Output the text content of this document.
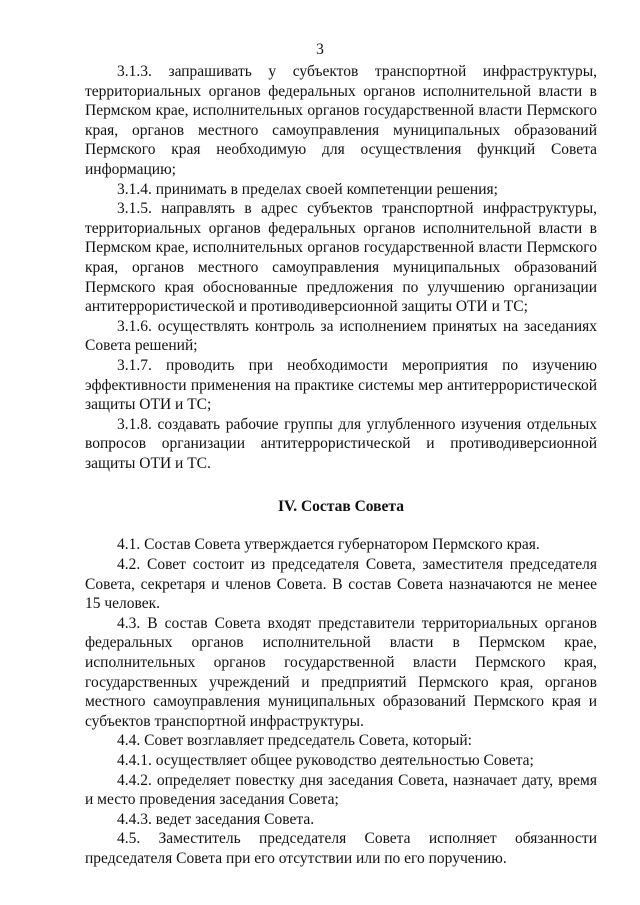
3

3.1.3. запрашивать у субъектов транспортной инфраструктуры, территориальных органов федеральных органов исполнительной власти в Пермском крае, исполнительных органов государственной власти Пермского края, органов местного самоуправления муниципальных образований Пермского края необходимую для осуществления функций Совета информацию;

3.1.4. принимать в пределах своей компетенции решения;

3.1.5. направлять в адрес субъектов транспортной инфраструктуры, территориальных органов федеральных органов исполнительной власти в Пермском крае, исполнительных органов государственной власти Пермского края, органов местного самоуправления муниципальных образований Пермского края обоснованные предложения по улучшению организации антитеррористической и противодиверсионной защиты ОТИ и ТС;

3.1.6. осуществлять контроль за исполнением принятых на заседаниях Совета решений;

3.1.7. проводить при необходимости мероприятия по изучению эффективности применения на практике системы мер антитеррористической защиты ОТИ и ТС;

3.1.8. создавать рабочие группы для углубленного изучения отдельных вопросов организации антитеррористической и противодиверсионной защиты ОТИ и ТС.

IV. Состав Совета

4.1. Состав Совета утверждается губернатором Пермского края.

4.2. Совет состоит из председателя Совета, заместителя председателя Совета, секретаря и членов Совета. В состав Совета назначаются не менее 15 человек.

4.3. В состав Совета входят представители территориальных органов федеральных органов исполнительной власти в Пермском крае, исполнительных органов государственной власти Пермского края, государственных учреждений и предприятий Пермского края, органов местного самоуправления муниципальных образований Пермского края и субъектов транспортной инфраструктуры.

4.4. Совет возглавляет председатель Совета, который:

4.4.1. осуществляет общее руководство деятельностью Совета;

4.4.2. определяет повестку дня заседания Совета, назначает дату, время и место проведения заседания Совета;

4.4.3. ведет заседания Совета.

4.5. Заместитель председателя Совета исполняет обязанности председателя Совета при его отсутствии или по его поручению.
